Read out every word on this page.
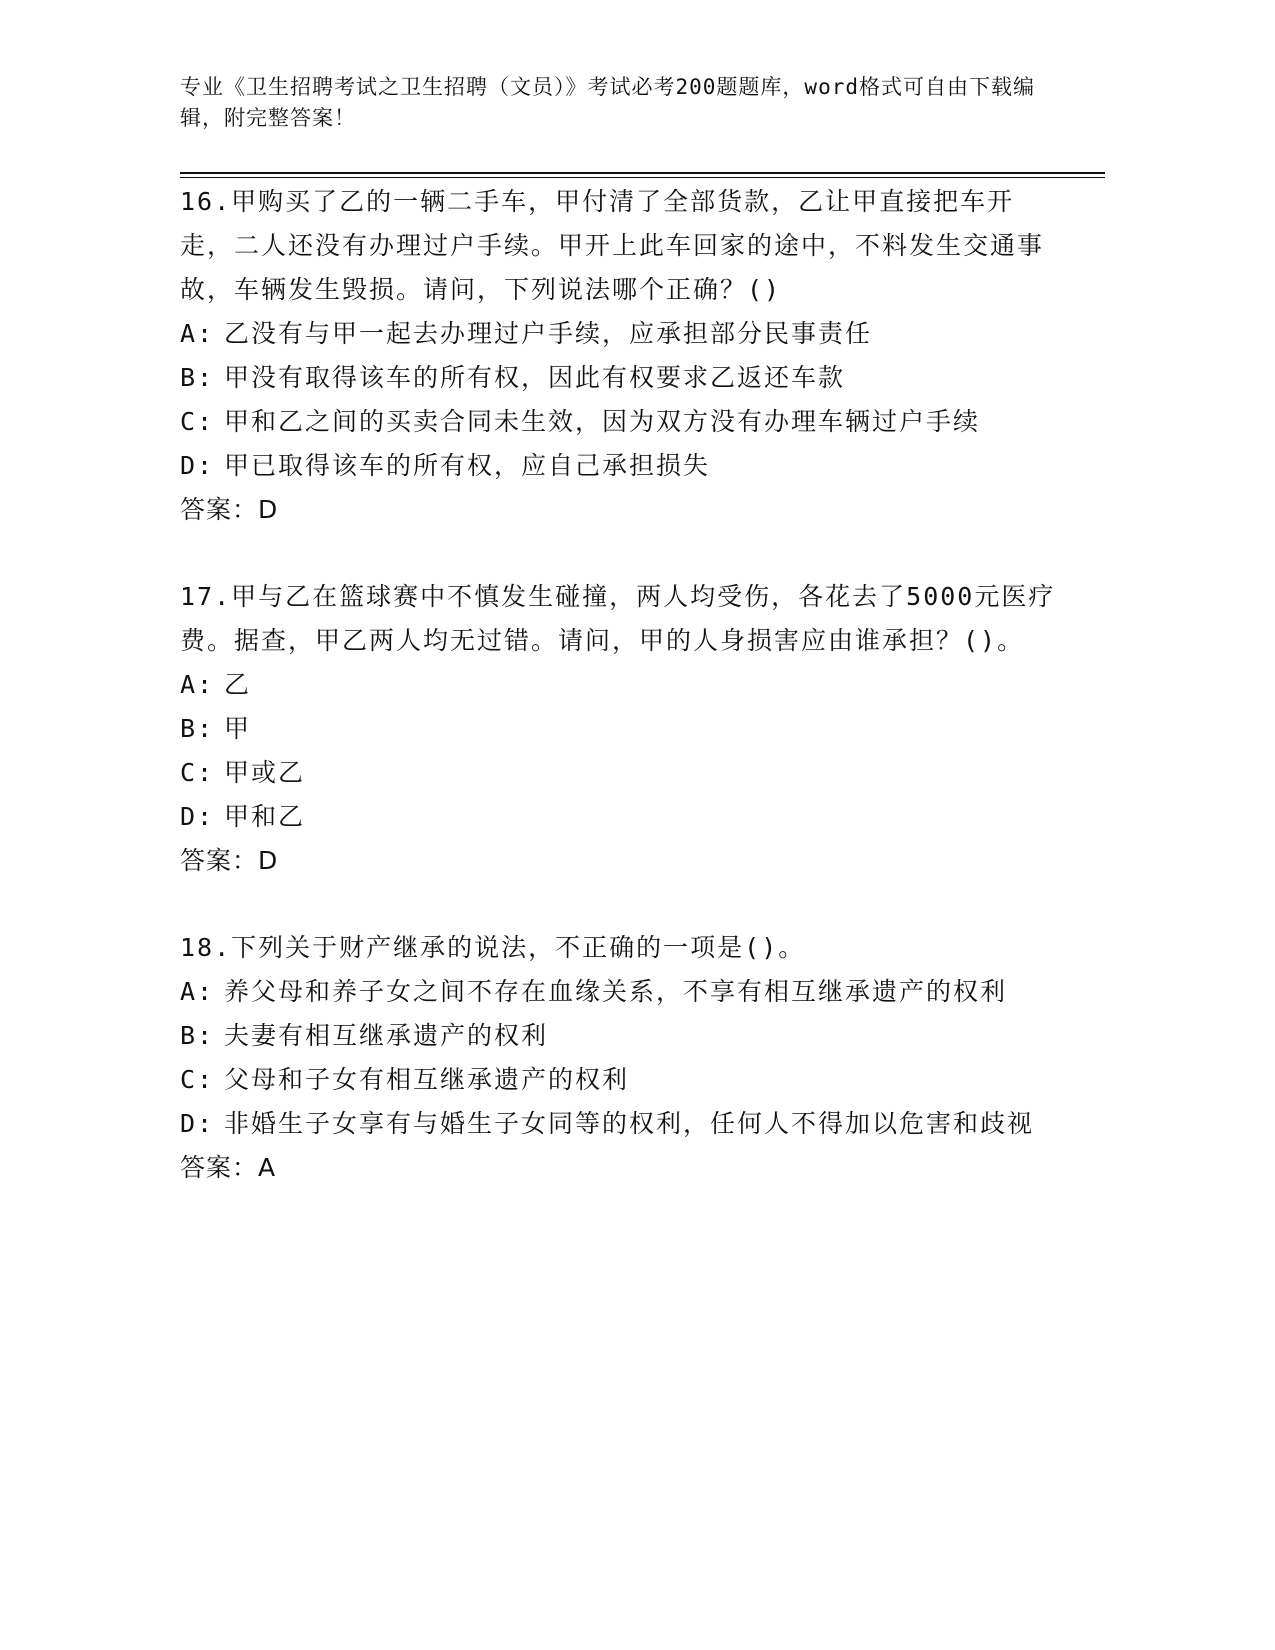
专业《卫生招聘考试之卫生招聘（文员）》考试必考200题题库，word格式可自由下载编辑，附完整答案！

16.甲购买了乙的一辆二手车，甲付清了全部货款，乙让甲直接把车开走，二人还没有办理过户手续。甲开上此车回家的途中，不料发生交通事故，车辆发生毁损。请问，下列说法哪个正确？()

A: 乙没有与甲一起去办理过户手续，应承担部分民事责任

B: 甲没有取得该车的所有权，因此有权要求乙返还车款

C: 甲和乙之间的买卖合同未生效，因为双方没有办理车辆过户手续

D: 甲已取得该车的所有权，应自己承担损失

答案：D

17.甲与乙在篮球赛中不慎发生碰撞，两人均受伤，各花去了5000元医疗费。据查，甲乙两人均无过错。请问，甲的人身损害应由谁承担？()。

A: 乙

B: 甲

C: 甲或乙

D: 甲和乙

答案：D

18.下列关于财产继承的说法，不正确的一项是()。

A: 养父母和养子女之间不存在血缘关系，不享有相互继承遗产的权利

B: 夫妻有相互继承遗产的权利

C: 父母和子女有相互继承遗产的权利

D: 非婚生子女享有与婚生子女同等的权利，任何人不得加以危害和歧视

答案：A
